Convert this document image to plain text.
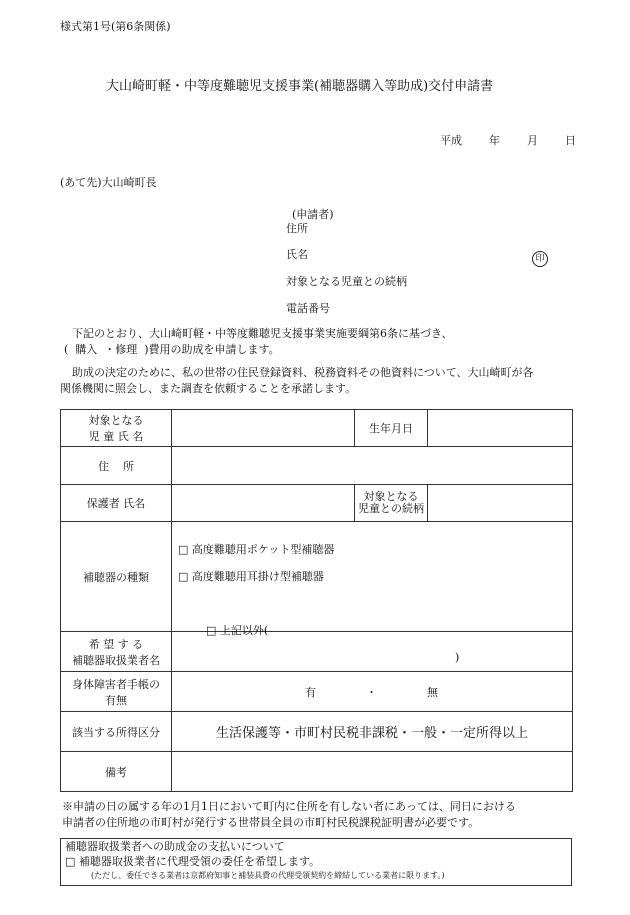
様式第1号(第6条関係)
大山崎町軽・中等度難聴児支援事業(補聴器購入等助成)交付申請書
平成 年 月 日
(あて先)大山崎町長
(申請者)
住所
氏名	印
対象となる児童との続柄
電話番号
下記のとおり、大山崎町軽・中等度難聴児支援事業実施要綱第6条に基づき、
(  購入  ・修理  )費用の助成を申請します。
助成の決定のために、私の世帯の住民登録資料、税務資料その他資料について、大山崎町が各
関係機関に照会し、また調査を依頼することを承諾します。
対象となる
児 童 氏 名		生年月日	
住    所			
保護者 氏名		対象となる
児童との続柄	

補聴器の種類	□ 高度難聴用ポケット型補聴器
□ 高度難聴用耳掛け型補聴器

□ 上記以外(

)		

希 望 す る
補聴器取扱業者名			

身体障害者手帳の
有無	有 ・ 無		
該当する所得区分	生活保護等・市町村民税非課税・一般・一定所得以上		
備考			
※申請の日の属する年の1月1日において町内に住所を有しない者にあっては、同日における
申請者の住所地の市町村が発行する世帯員全員の市町村民税課税証明書が必要です。
補聴器取扱業者への助成金の支払いについて
□ 補聴器取扱業者に代理受領の委任を希望します。
(ただし、委任できる業者は京都府知事と補装具費の代理受領契約を締結している業者に限ります。)
